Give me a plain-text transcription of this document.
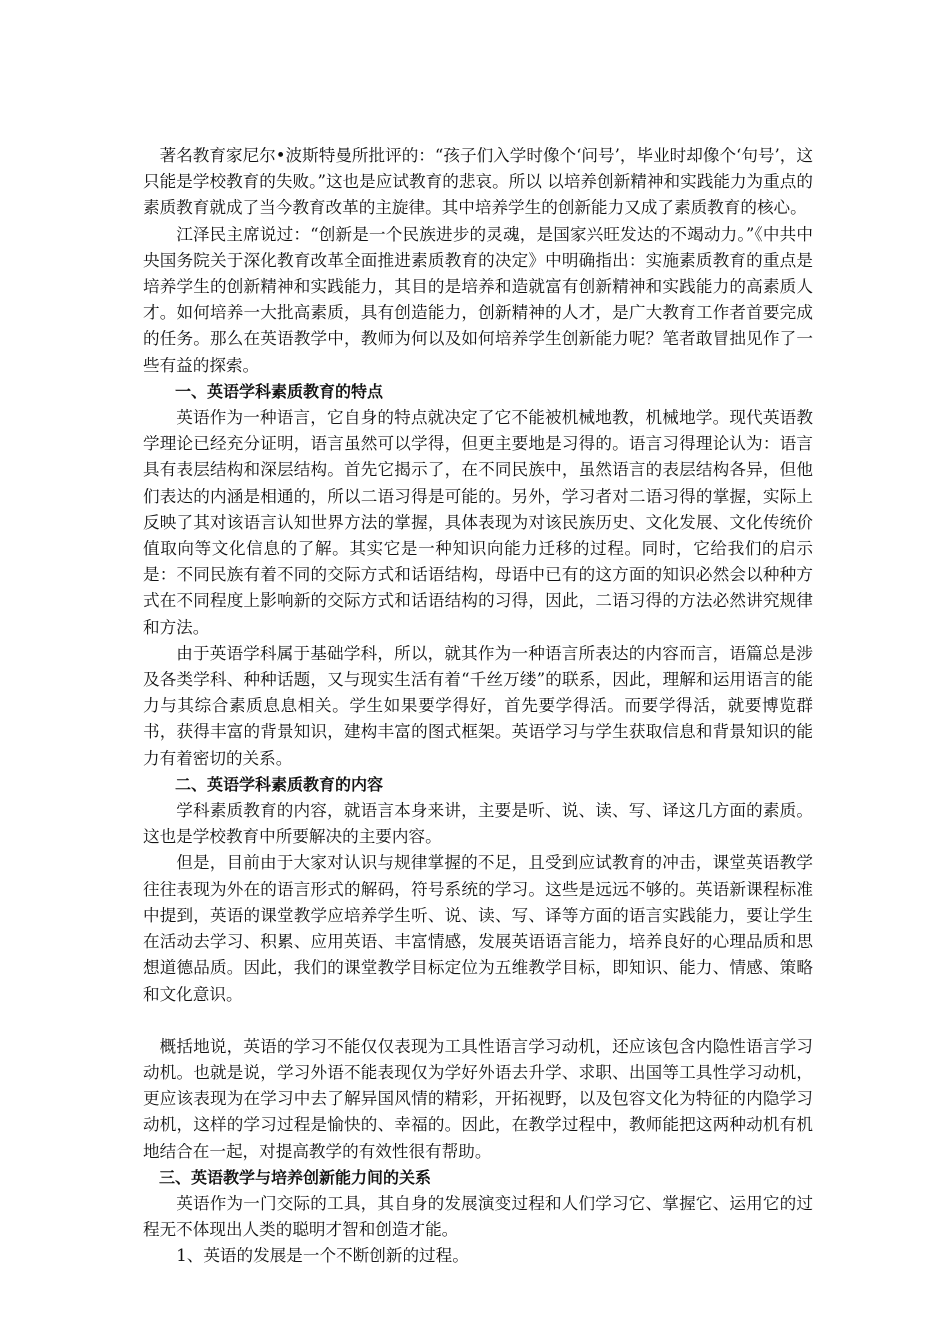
著名教育家尼尔•波斯特曼所批评的：“孩子们入学时像个‘问号’，毕业时却像个‘句号’，这只能是学校教育的失败。”这也是应试教育的悲哀。所以 以培养创新精神和实践能力为重点的素质教育就成了当今教育改革的主旋律。其中培养学生的创新能力又成了素质教育的核心。

江泽民主席说过：“创新是一个民族进步的灵魂，是国家兴旺发达的不竭动力。”《中共中央国务院关于深化教育改革全面推进素质教育的决定》中明确指出：实施素质教育的重点是培养学生的创新精神和实践能力，其目的是培养和造就富有创新精神和实践能力的高素质人才。如何培养一大批高素质，具有创造能力，创新精神的人才，是广大教育工作者首要完成的任务。那么在英语教学中，教师为何以及如何培养学生创新能力呢？笔者敢冒拙见作了一些有益的探索。

一、英语学科素质教育的特点

英语作为一种语言，它自身的特点就决定了它不能被机械地教，机械地学。现代英语教学理论已经充分证明，语言虽然可以学得，但更主要地是习得的。语言习得理论认为：语言具有表层结构和深层结构。首先它揭示了，在不同民族中，虽然语言的表层结构各异，但他们表达的内涵是相通的，所以二语习得是可能的。另外，学习者对二语习得的掌握，实际上反映了其对该语言认知世界方法的掌握，具体表现为对该民族历史、文化发展、文化传统价值取向等文化信息的了解。其实它是一种知识向能力迁移的过程。同时，它给我们的启示是：不同民族有着不同的交际方式和话语结构，母语中已有的这方面的知识必然会以种种方式在不同程度上影响新的交际方式和话语结构的习得，因此，二语习得的方法必然讲究规律和方法。

由于英语学科属于基础学科，所以，就其作为一种语言所表达的内容而言，语篇总是涉及各类学科、种种话题，又与现实生活有着“千丝万缕”的联系，因此，理解和运用语言的能力与其综合素质息息相关。学生如果要学得好，首先要学得活。而要学得活，就要博览群书，获得丰富的背景知识，建构丰富的图式框架。英语学习与学生获取信息和背景知识的能力有着密切的关系。

二、英语学科素质教育的内容

学科素质教育的内容，就语言本身来讲，主要是听、说、读、写、译这几方面的素质。这也是学校教育中所要解决的主要内容。

但是，目前由于大家对认识与规律掌握的不足，且受到应试教育的冲击，课堂英语教学往往表现为外在的语言形式的解码，符号系统的学习。这些是远远不够的。英语新课程标准中提到，英语的课堂教学应培养学生听、说、读、写、译等方面的语言实践能力，要让学生在活动去学习、积累、应用英语、丰富情感，发展英语语言能力，培养良好的心理品质和思想道德品质。因此，我们的课堂教学目标定位为五维教学目标，即知识、能力、情感、策略和文化意识。

概括地说，英语的学习不能仅仅表现为工具性语言学习动机，还应该包含内隐性语言学习动机。也就是说，学习外语不能表现仅为学好外语去升学、求职、出国等工具性学习动机，更应该表现为在学习中去了解异国风情的精彩，开拓视野，以及包容文化为特征的内隐学习动机，这样的学习过程是愉快的、幸福的。因此，在教学过程中，教师能把这两种动机有机地结合在一起，对提高教学的有效性很有帮助。

三、英语教学与培养创新能力间的关系

英语作为一门交际的工具，其自身的发展演变过程和人们学习它、掌握它、运用它的过程无不体现出人类的聪明才智和创造才能。

1、英语的发展是一个不断创新的过程。
